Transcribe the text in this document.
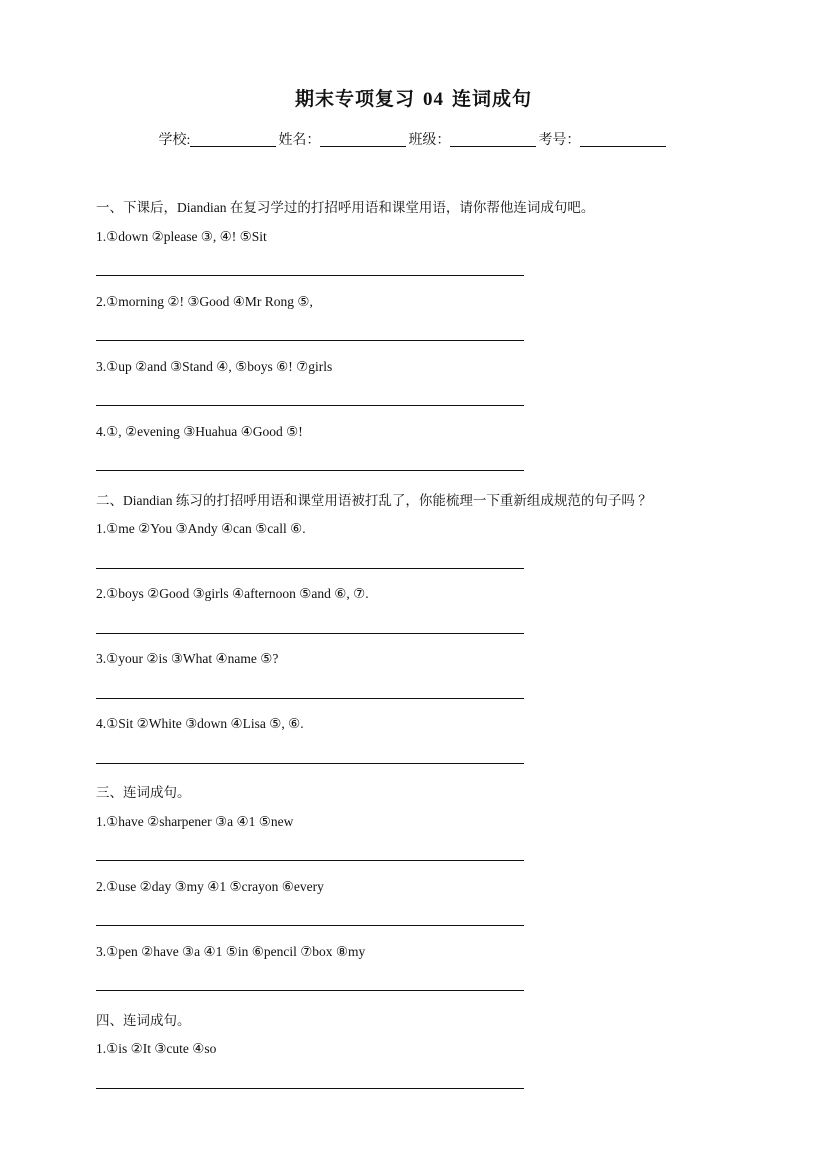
期末专项复习 04 连词成句
学校:	姓名：	班级：	考号：
一、下课后，Diandian 在复习学过的打招呼用语和课堂用语，请你帮他连词成句吧。
1.①down ②please ③, ④! ⑤Sit
2.①morning ②! ③Good ④Mr Rong ⑤,
3.①up ②and ③Stand ④, ⑤boys ⑥! ⑦girls
4.①, ②evening ③Huahua ④Good ⑤!
二、Diandian 练习的打招呼用语和课堂用语被打乱了，你能梳理一下重新组成规范的句子吗 ？
1.①me ②You ③Andy ④can ⑤call ⑥.
2.①boys ②Good ③girls ④afternoon ⑤and ⑥, ⑦.
3.①your ②is ③What ④name ⑤?
4.①Sit ②White ③down ④Lisa ⑤, ⑥.
三、连词成句。
1.①have ②sharpener ③a ④1 ⑤new
2.①use ②day ③my ④1 ⑤crayon ⑥every
3.①pen ②have ③a ④1 ⑤in ⑥pencil ⑦box ⑧my
四、连词成句。
1.①is ②It ③cute ④so
